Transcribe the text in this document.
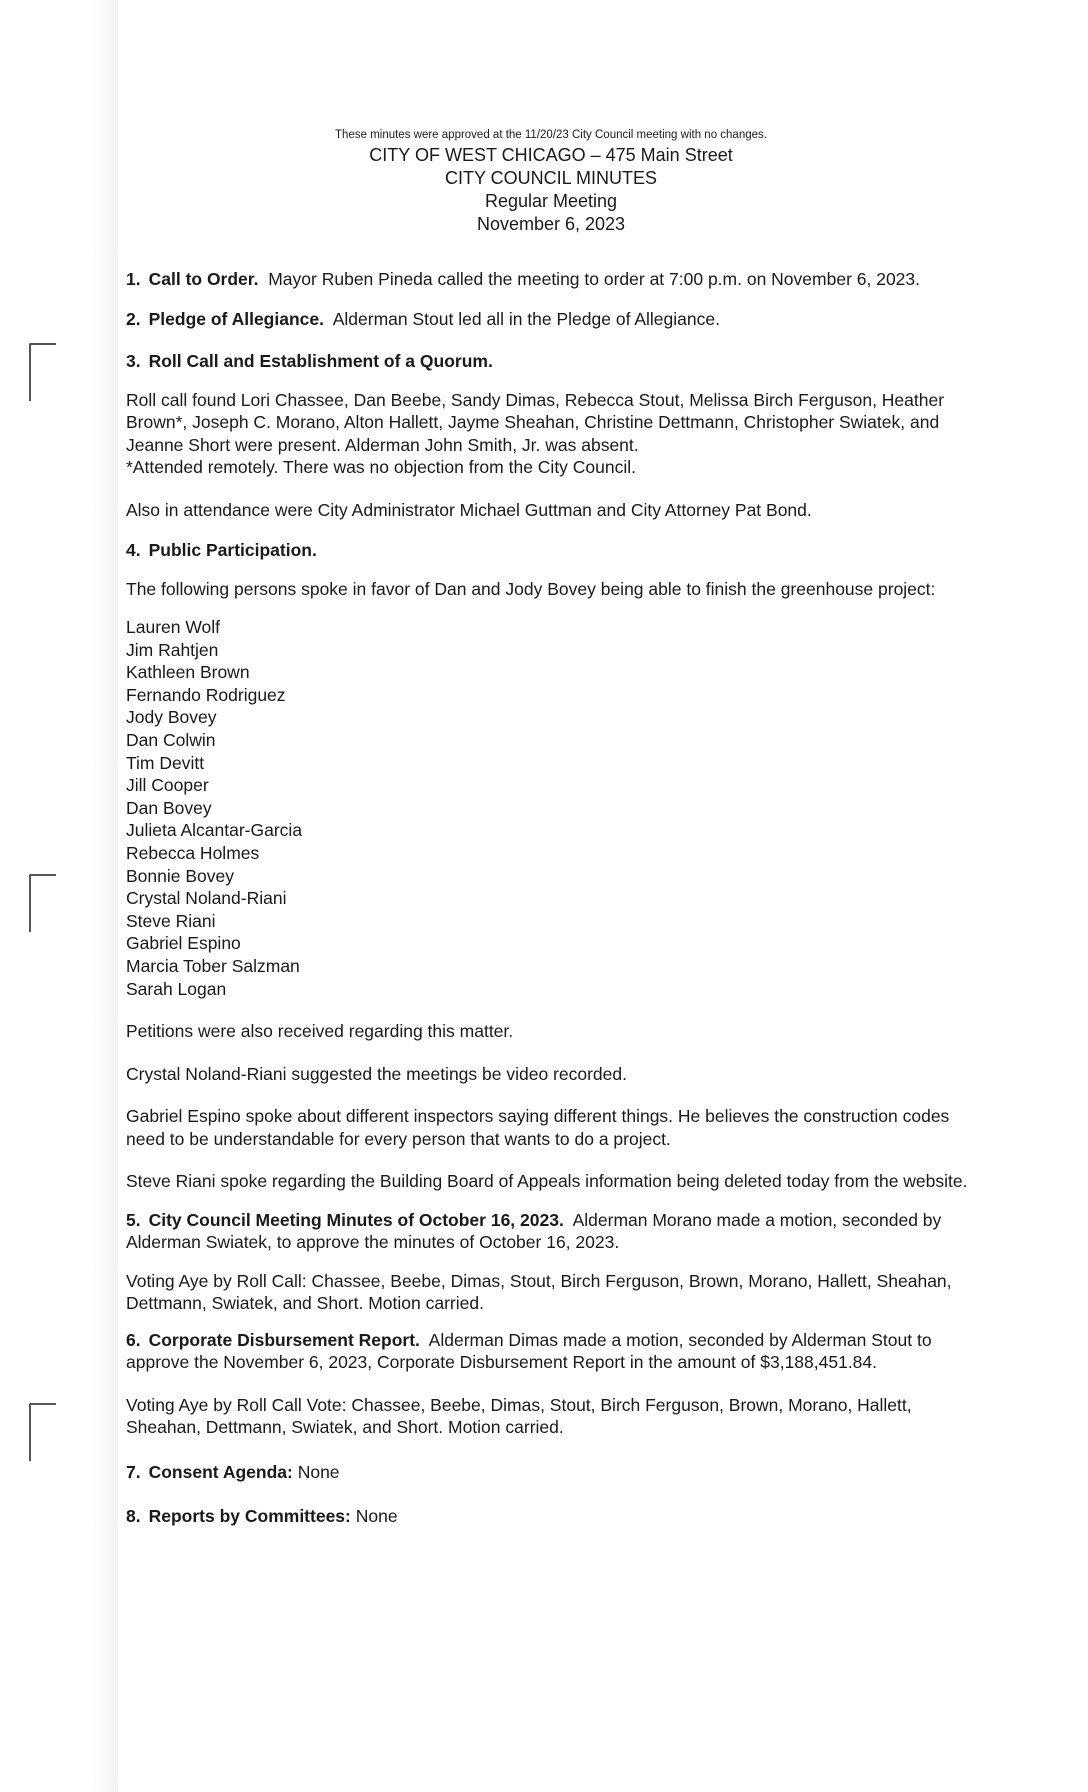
These minutes were approved at the 11/20/23 City Council meeting with no changes.
CITY OF WEST CHICAGO – 475 Main Street
CITY COUNCIL MINUTES
Regular Meeting
November 6, 2023

1. Call to Order. Mayor Ruben Pineda called the meeting to order at 7:00 p.m. on November 6, 2023.

2. Pledge of Allegiance. Alderman Stout led all in the Pledge of Allegiance.

3. Roll Call and Establishment of a Quorum.

Roll call found Lori Chassee, Dan Beebe, Sandy Dimas, Rebecca Stout, Melissa Birch Ferguson, Heather Brown*, Joseph C. Morano, Alton Hallett, Jayme Sheahan, Christine Dettmann, Christopher Swiatek, and Jeanne Short were present. Alderman John Smith, Jr. was absent.

*Attended remotely. There was no objection from the City Council.

Also in attendance were City Administrator Michael Guttman and City Attorney Pat Bond.

4. Public Participation.

The following persons spoke in favor of Dan and Jody Bovey being able to finish the greenhouse project:

Lauren Wolf
Jim Rahtjen
Kathleen Brown
Fernando Rodriguez
Jody Bovey
Dan Colwin
Tim Devitt
Jill Cooper
Dan Bovey
Julieta Alcantar-Garcia
Rebecca Holmes
Bonnie Bovey
Crystal Noland-Riani
Steve Riani
Gabriel Espino
Marcia Tober Salzman
Sarah Logan

Petitions were also received regarding this matter.

Crystal Noland-Riani suggested the meetings be video recorded.

Gabriel Espino spoke about different inspectors saying different things. He believes the construction codes need to be understandable for every person that wants to do a project.

Steve Riani spoke regarding the Building Board of Appeals information being deleted today from the website.

5. City Council Meeting Minutes of October 16, 2023. Alderman Morano made a motion, seconded by Alderman Swiatek, to approve the minutes of October 16, 2023.

Voting Aye by Roll Call: Chassee, Beebe, Dimas, Stout, Birch Ferguson, Brown, Morano, Hallett, Sheahan, Dettmann, Swiatek, and Short. Motion carried.

6. Corporate Disbursement Report. Alderman Dimas made a motion, seconded by Alderman Stout to approve the November 6, 2023, Corporate Disbursement Report in the amount of $3,188,451.84.

Voting Aye by Roll Call Vote: Chassee, Beebe, Dimas, Stout, Birch Ferguson, Brown, Morano, Hallett, Sheahan, Dettmann, Swiatek, and Short. Motion carried.

7. Consent Agenda: None

8. Reports by Committees: None
